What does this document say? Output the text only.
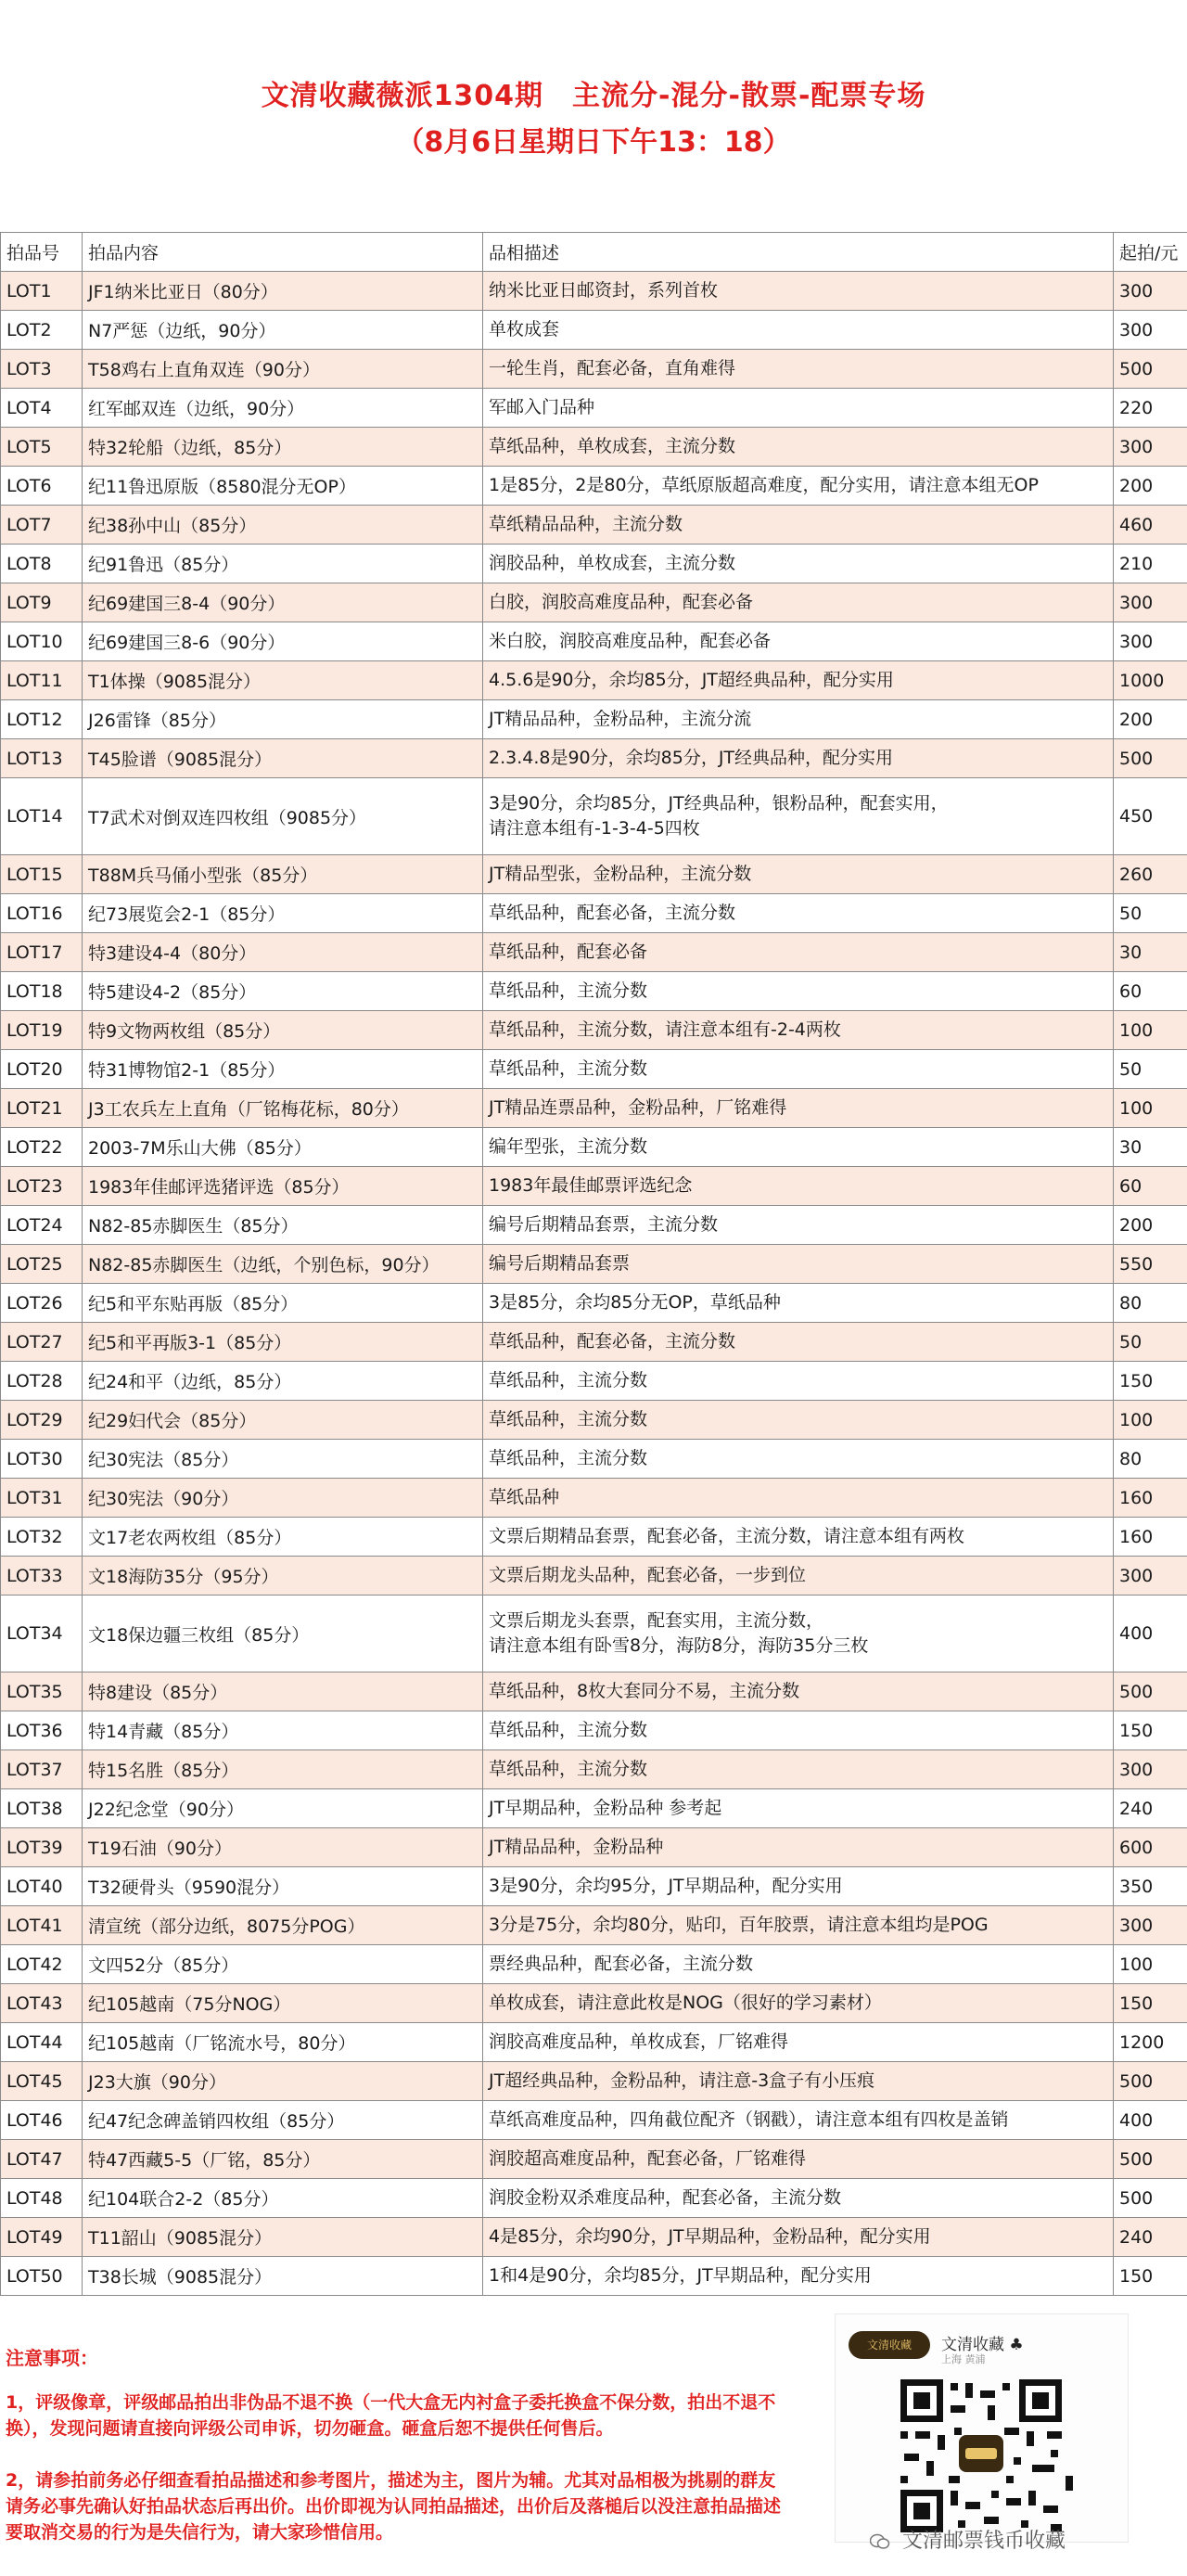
文清收藏薇派1304期　主流分-混分-散票-配票专场
（8月6日星期日下午13：18）
拍品号	拍品内容	品相描述	起拍/元
LOT1	JF1纳米比亚日（80分）	纳米比亚日邮资封，系列首枚	300
LOT2	N7严惩（边纸，90分）	单枚成套	300
LOT3	T58鸡右上直角双连（90分）	一轮生肖，配套必备，直角难得	500
LOT4	红军邮双连（边纸，90分）	军邮入门品种	220
LOT5	特32轮船（边纸，85分）	草纸品种，单枚成套，主流分数	300
LOT6	纪11鲁迅原版（8580混分无OP）	1是85分，2是80分，草纸原版超高难度，配分实用，请注意本组无OP	200
LOT7	纪38孙中山（85分）	草纸精品品种，主流分数	460
LOT8	纪91鲁迅（85分）	润胶品种，单枚成套，主流分数	210
LOT9	纪69建国三8-4（90分）	白胶，润胶高难度品种，配套必备	300
LOT10	纪69建国三8-6（90分）	米白胶，润胶高难度品种，配套必备	300
LOT11	T1体操（9085混分）	4.5.6是90分，余均85分，JT超经典品种，配分实用	1000
LOT12	J26雷锋（85分）	JT精品品种，金粉品种，主流分流	200
LOT13	T45脸谱（9085混分）	2.3.4.8是90分，余均85分，JT经典品种，配分实用	500
LOT14	T7武术对倒双连四枚组（9085分）	3是90分，余均85分，JT经典品种，银粉品种，配套实用，
请注意本组有-1-3-4-5四枚	450
LOT15	T88M兵马俑小型张（85分）	JT精品型张，金粉品种，主流分数	260
LOT16	纪73展览会2-1（85分）	草纸品种，配套必备，主流分数	50
LOT17	特3建设4-4（80分）	草纸品种，配套必备	30
LOT18	特5建设4-2（85分）	草纸品种，主流分数	60
LOT19	特9文物两枚组（85分）	草纸品种，主流分数，请注意本组有-2-4两枚	100
LOT20	特31博物馆2-1（85分）	草纸品种，主流分数	50
LOT21	J3工农兵左上直角（厂铭梅花标，80分）	JT精品连票品种，金粉品种，厂铭难得	100
LOT22	2003-7M乐山大佛（85分）	编年型张，主流分数	30
LOT23	1983年佳邮评选猪评选（85分）	1983年最佳邮票评选纪念	60
LOT24	N82-85赤脚医生（85分）	编号后期精品套票，主流分数	200
LOT25	N82-85赤脚医生（边纸，个别色标，90分）	编号后期精品套票	550
LOT26	纪5和平东贴再版（85分）	3是85分，余均85分无OP，草纸品种	80
LOT27	纪5和平再版3-1（85分）	草纸品种，配套必备，主流分数	50
LOT28	纪24和平（边纸，85分）	草纸品种，主流分数	150
LOT29	纪29妇代会（85分）	草纸品种，主流分数	100
LOT30	纪30宪法（85分）	草纸品种，主流分数	80
LOT31	纪30宪法（90分）	草纸品种	160
LOT32	文17老农两枚组（85分）	文票后期精品套票，配套必备，主流分数，请注意本组有两枚	160
LOT33	文18海防35分（95分）	文票后期龙头品种，配套必备，一步到位	300
LOT34	文18保边疆三枚组（85分）	文票后期龙头套票，配套实用，主流分数，
请注意本组有卧雪8分，海防8分，海防35分三枚	400
LOT35	特8建设（85分）	草纸品种，8枚大套同分不易，主流分数	500
LOT36	特14青藏（85分）	草纸品种，主流分数	150
LOT37	特15名胜（85分）	草纸品种，主流分数	300
LOT38	J22纪念堂（90分）	JT早期品种，金粉品种 参考起	240
LOT39	T19石油（90分）	JT精品品种，金粉品种	600
LOT40	T32硬骨头（9590混分）	3是90分，余均95分，JT早期品种，配分实用	350
LOT41	清宣统（部分边纸，8075分POG）	3分是75分，余均80分，贴印，百年胶票，请注意本组均是POG	300
LOT42	文四52分（85分）	票经典品种，配套必备，主流分数	100
LOT43	纪105越南（75分NOG）	单枚成套，请注意此枚是NOG（很好的学习素材）	150
LOT44	纪105越南（厂铭流水号，80分）	润胶高难度品种，单枚成套，厂铭难得	1200
LOT45	J23大旗（90分）	JT超经典品种，金粉品种，请注意-3盒子有小压痕	500
LOT46	纪47纪念碑盖销四枚组（85分）	草纸高难度品种，四角截位配齐（钢戳），请注意本组有四枚是盖销	400
LOT47	特47西藏5-5（厂铭，85分）	润胶超高难度品种，配套必备，厂铭难得	500
LOT48	纪104联合2-2（85分）	润胶金粉双杀难度品种，配套必备，主流分数	500
LOT49	T11韶山（9085混分）	4是85分，余均90分，JT早期品种，金粉品种，配分实用	240
LOT50	T38长城（9085混分）	1和4是90分，余均85分，JT早期品种，配分实用	150
注意事项：
1，评级像章，评级邮品拍出非伪品不退不换（一代大盒无内衬盒子委托换盒不保分数，拍出不退不换），发现问题请直接向评级公司申诉，切勿砸盒。砸盒后恕不提供任何售后。
2，请参拍前务必仔细查看拍品描述和参考图片，描述为主，图片为辅。尤其对品相极为挑剔的群友请务必事先确认好拍品状态后再出价。出价即视为认同拍品描述，出价后及落槌后以没注意拍品描述要取消交易的行为是失信行为，请大家珍惜信用。
文清收藏	文清收藏 ♣
上海 黄浦
文清邮票钱币收藏
